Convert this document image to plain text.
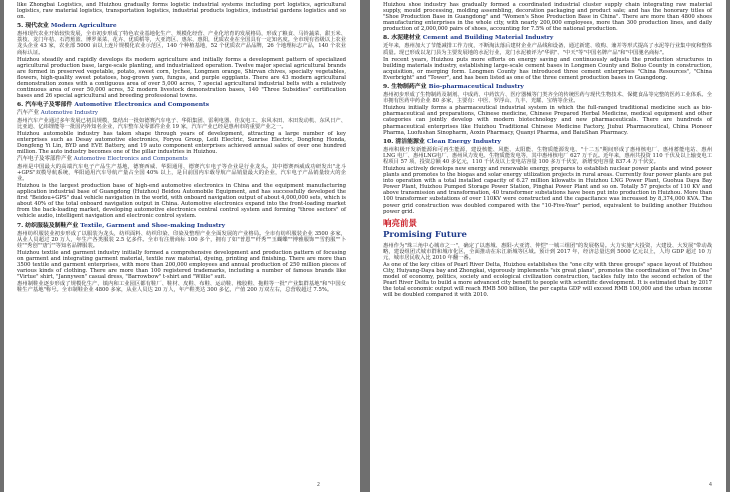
like Zhongbai Logistics, and Huizhou gradually forms logistic industrial systems including port logistics, agricultural logistics, raw material logistics, transportation logistics, industrial products logistics, industrial gardens logistics and so on.

5. 现代农业 Modern Agriculture

惠州现代农业开始较快发展，全市初步形成了特色农业基地化生产、规模化经营、产业化培育的发展格局，形成了粮食、马铃蔬菜、甜玉米、荔枝、龙门年桔、石湾蕉篮、博罗莱菜、花卉、优质稻等，大亚湾区、惠东、惠阳，优质农业在全国具有一定知名度。全市现有省级以上农业龙头企业 43 家，农业部 5000 亩以上连片规模化农业示范区，140 个种植基地，52 个优质农产品品牌，26 个地理标志产品，140 个农业商标认证。

Huizhou steadily and rapidly develops its modern agriculture and initially forms a development pattern of specialized agricultural production base, large-scale planting, and industrialized operation. Twelve major special agricultural brands are formed in preserved vegetable, potato, sweet corn, lychee, Longmen orange, Shirvan chives, specialty vegetables, flowers, high-quality sweet potatoes, hog-grown yam, fungus, and purple eggplants. There are 43 modern agricultural demonstration zones with a contiguous area of over 5,000 acres, 7 special agricultural industrial belts with a relatively continuous area of over 50,000 acres, 52 modern livestock demonstration bases, 140 "Three Subsidies" certification bases and 26 special agricultural and breeding professional towns.

6. 汽车电子及零部件 Automotive Electronics and Components
汽车产业 Automotive Industry

惠州汽车产业通过多年发展已初具规模，集结出一批如德赛汽车电子、华阳集团、雷利电器、佳友电工、东风本田、本田发动机、东风日产、比亚迪、亿纬锂能等一批国内外知名企业，汽车整车及零部件企业 19 家，汽车产业已经是惠州市的重要产业之一。

Huizhou automobile industry has taken shape through years of development, attracting a large number of key enterprises such as Desay automotive electronics, Foryou Group, Leili Electric, Sunrise Electric, Dongfeng Honda, Dongfeng Yi Lin, BYD and EVE Battery, and 19 auto component enterprises achieved annual sales of over one hundred million. The auto industry becomes one of the pillar industries in Huizhou.

汽车电子及零部件产业 Automotive Electronics and Components

惠州是中国最大的高端汽车电子产品生产基地，德赛西威、华阳通用、德赛汽车电子等企业是行业龙头。其中德赛西威成功研发出"北斗+GPS"双模导航系统，华阳通用汽车导航产量占全国 40% 以上，是目前国内车载导航产品销量最大的企业，汽车电子产品销量较大的企业。

Huizhou is the largest production base of high-end automotive electronics in China and the equipment manufacturing application industrial base of Guangdong (Huizhou) Beidou Automobile Equipment, and has successfully developed the first "Beidou+GPS" dual vehicle navigation in the world, with onboard navigation output of about 4,000,000 sets, which is about 40% of the total onboard navigation output in China. Automotive electronics expand into the front-loading market from the back-loading market, developing automotive electronics central control system and forming "three sectors" of vehicle audio, intelligent navigation and electronic control system.

7. 纺织服装及制鞋产业 Textile, Garment and Shoe-making Industry

惠州纺织服装业初步形成了以服装为龙头，纺织面料、纺织印染、印染及整理产业全面发展的产业格局。全市有纺织服装企业 3500 多家，从业人员超过 20 万人，年生产各类服装 2.5 亿多件。全市有注册商标 100 多个，拥有了如"普恩""纤秀""玉蝴蝶""博雅服饰""雪豹服""卜娃""秀创""唐宁"等知名品牌服装。

Huizhou textile and garment industry initially formed a comprehensive development and production pattern of focusing on garment and integrating garment material, textile raw material, dyeing, printing and finishing. There are more than 3500 textile and garment enterprises, with more than 200,000 employees and annual production of 250 million pieces of various kinds of clothing. There are more than 100 registered trademarks, including a number of famous brands like "Virtue" shirt, "Jannywen" casual dress, "Barrowbow" t-shirt and "Willie" suit.

惠州制鞋业逐步形成了规模化生产，镇内和工业园区都有鞋厂、鞋材、皮鞋、布鞋、运动鞋、橡胶鞋、拖鞋等一批"产业集群基地"和"中国女鞋生产基地"称号。全市制鞋企业 4800 多家，从业人员达 20 万人，年产鞋类达 300 多亿，产值 200 万双左右，总营收超过 7.5%。

2

Huizhou shoe industry has gradually formed a coordinated industrial cluster supply chain integrating raw material supply, mould processing, molding assembling, decoration packaging and product sale; and has the honorary titles of "Shoe Production Base in Guangdong" and "Women's Shoe Production Base in China". There are more than 4800 shoes manufacturing enterprises in the whole city, with nearly 200,000 employees, more than 300 production lines, and daily production of 2,000,000 pairs of shoes, accounting for 7.5% of the national production.

8. 水泥建材业 Cement and Building Material Industry

近年来，惠州加大了节能减排工作力度，不断淘汰落后建材企业产品线和设备，通过新建、收购、兼并等形式提高了水泥等行业集中度和整体质量。现已形成以龙门县为主要发展地的水泥行业，龙门水泥被评为"华润"、"中天"等"中国名牌产品"和"中国驰名商标"。

In recent years, Huizhou puts more efforts on energy saving and continuously adjusts the production structures in building materials industry, establishing large-scale cement bases in Longmen County and Boluo County in construction, acquisition, or merging form. Longmen County has introduced three cement enterprises "China Resources", "China Everbright" and "Tower", and has been listed as one of the three cement production bases in Guangdong.

9. 生物制药产业 Bio-pharmaceutical Industry

惠州初步形成了生物制药及制剂、中成药、中药饮片、医疗器械等门类齐全的传统医药与现代生物技术、保健食品等完整的医药工业体系。全市拥有医药中药企业 80 多家，主要有：中医、罗浮山、九丰、光耀、宝纳等企业。

Huizhou initially forms a pharmaceutical industrial system in which the full-ranged traditional medicine such as bio-pharmaceutical and preparations, Chinese medicine, Chinese Prepared Herbal Medicine, medical equipment and other categories can jointly develop with modern biotechnology and new pharmaceuticals. There are hundreds of pharmaceutical enterprises like Huizhou Traditional Chinese Medicine Factory, Jiuhui Pharmaceutical, China Pioneer Pharma, Luofushan Sinopharm, Aoxin Pharmacy, Quanyi Pharma, and BaiuShan Pharmacy.

10. 清洁能源业 Clean Energy Industry

惠州积极开发新能源和可再生能源，建设核能、风能、太阳能、生物质能源发电、"十二五"期间形成了惠州核电厂、惠州蓄能电站、惠州 LNG 电厂、惠州LNG电厂、惠州风力发电、生物质能发电等，其中惠州核电厂 627 万千瓦。近年来，惠州共投资 110 千伏及以上输变电工程项目 57 项，投资总额 40 多亿元，110 千伏及以上变电站容量 100 多万千伏安，新增变电容量 837.4 万千伏安。

Huizhou actively develops new energy and renewable energy, prepares to establish nuclear power plants and wind power plants and promotes to the biogas and solar energy utilization projects in rural areas. Currently four power plants are put into operation with a total installed capacity of 6.27 million kilowatts in Huizhou LNG Power Plant, Guohua Daya Bay Power Plant, Huizhou Pumped Storage Power Station, Pinghai Power Plant and so on. Totally 57 projects of 110 KV and above transmission and transformation, 40 transformer substations have been put into production in Huizhou. More than 100 transformer substations of over 110KV were constructed and the capacitance was increased by 8,374,000 KVA. The power grid construction was doubled compared with the "10-Five-Year" period, equivalent to building another Huizhou power grid.

响亮前景
Promising Future

惠州作为"珠三角中心城市之一"，确定了以惠城、惠阳-大亚湾、仲恺"一城三组团"的发展格局。大力实施"大投资、大建设、大发展"带动战略，建设组团式城市群和城市化区，全面推动在东江新城等区域。预计到 2017 年，经济总量达到 5000 亿元以上，人均 GDP 超过 10 万元，城市居民收入比 2010 年翻一番。

As one of the key cities of Pearl River Delta, Huizhou establishes the "one city with three groups" space layout of Huizhou City, Huiyang-Daya bay and Zhongkai, vigorously implements "six great plans", promotes the coordination of "five in One" model of economy, politics, society and ecological civilization construction, tackles fully into the second echelon of the Pearl River Delta to build a more advanced city benefit to people with scientific development. It is estimated that by 2017 the total economic output will reach RMB 500 billion, the per capita GDP will exceed RMB 100,000 and the urban income will be doubled compared it with 2010.

4
